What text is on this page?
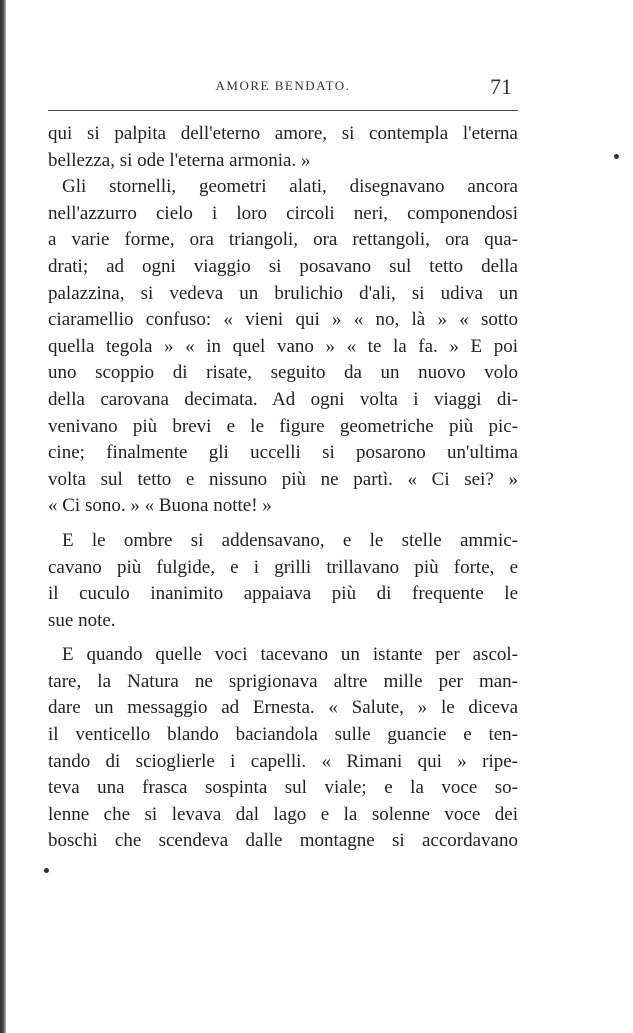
AMORE BENDATO.	71
qui si palpita dell'eterno amore, si contempla l'eterna
bellezza, si ode l'eterna armonia. »
Gli stornelli, geometri alati, disegnavano ancora
nell'azzurro cielo i loro circoli neri, componendosi
a varie forme, ora triangoli, ora rettangoli, ora qua-
drati; ad ogni viaggio si posavano sul tetto della
palazzina, si vedeva un brulichio d'ali, si udiva un
ciaramellio confuso: « vieni qui » « no, là » « sotto
quella tegola » « in quel vano » « te la fa. » E poi
uno scoppio di risate, seguito da un nuovo volo
della carovana decimata. Ad ogni volta i viaggi di-
venivano più brevi e le figure geometriche più pic-
cine; finalmente gli uccelli si posarono un'ultima
volta sul tetto e nissuno più ne partì. « Ci sei? »
« Ci sono. » « Buona notte! »
E le ombre si addensavano, e le stelle ammic-
cavano più fulgide, e i grilli trillavano più forte, e
il cuculo inanimito appaiava più di frequente le
sue note.
E quando quelle voci tacevano un istante per ascol-
tare, la Natura ne sprigionava altre mille per man-
dare un messaggio ad Ernesta. « Salute, » le diceva
il venticello blando baciandola sulle guancie e ten-
tando di scioglierle i capelli. « Rimani qui » ripe-
teva una frasca sospinta sul viale; e la voce so-
lenne che si levava dal lago e la solenne voce dei
boschi che scendeva dalle montagne si accordavano
